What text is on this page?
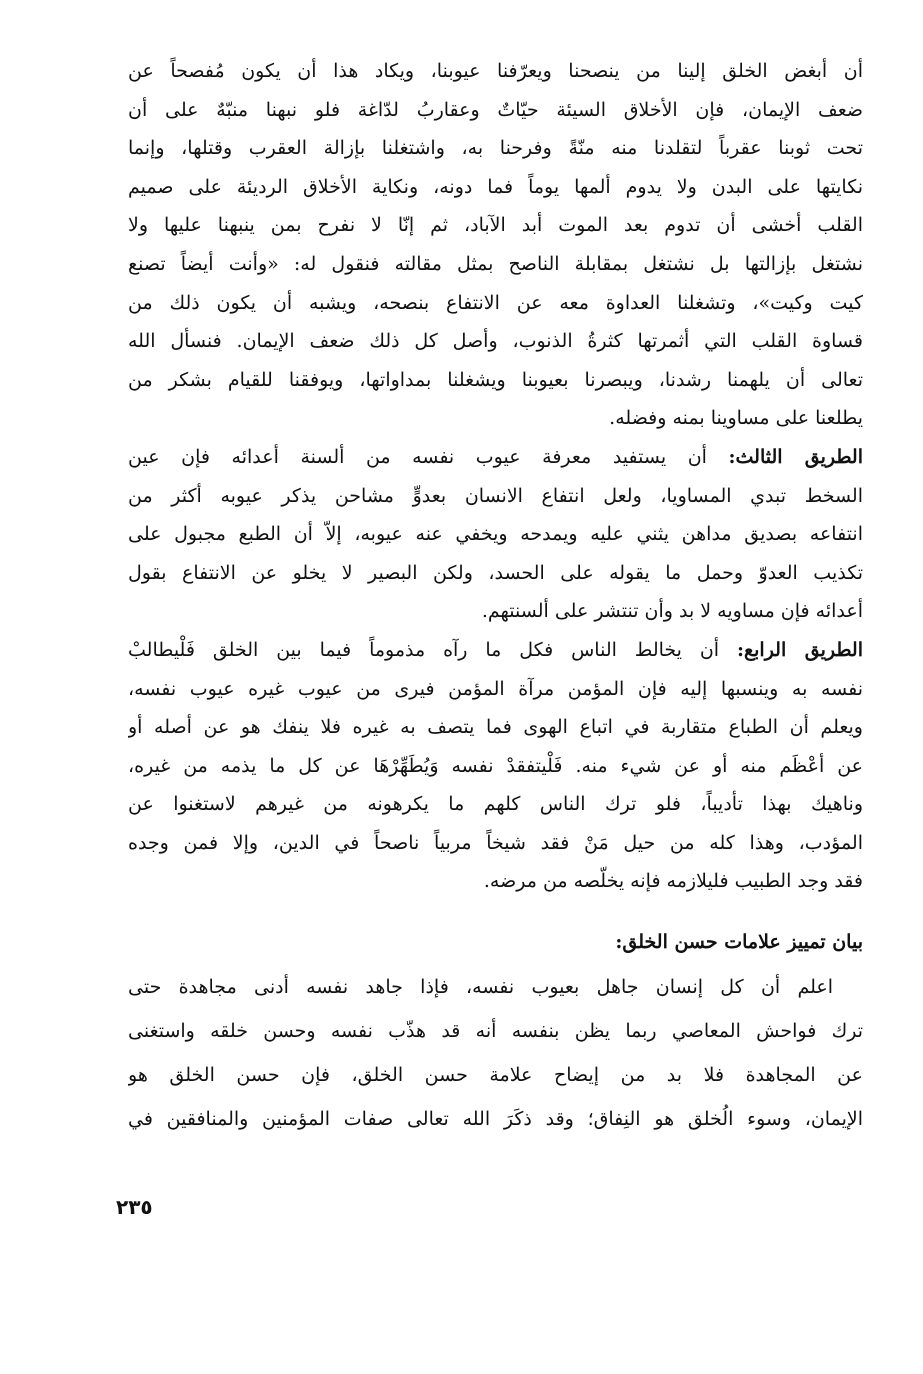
أن أبغض الخلق إلينا من ينصحنا ويعرّفنا عيوبنا، ويكاد هذا أن يكون مُفصحاً عن
ضعف الإيمان، فإن الأخلاق السيئة حيّاتٌ وعقاربُ لدّاغة فلو نبهنا منبّهٌ على أن
تحت ثوبنا عقرباً لتقلدنا منه منّةً وفرحنا به، واشتغلنا بإزالة العقرب وقتلها، وإنما
نكايتها على البدن ولا يدوم ألمها يوماً فما دونه، ونكاية الأخلاق الرديئة على صميم
القلب أخشى أن تدوم بعد الموت أبد الآباد، ثم إنّا لا نفرح بمن ينبهنا عليها ولا
نشتغل بإزالتها بل نشتغل بمقابلة الناصح بمثل مقالته فنقول له: «وأنت أيضاً تصنع
كيت وكيت»، وتشغلنا العداوة معه عن الانتفاع بنصحه، ويشبه أن يكون ذلك من
قساوة القلب التي أثمرتها كثرةُ الذنوب، وأصل كل ذلك ضعف الإيمان. فنسأل الله
تعالى أن يلهمنا رشدنا، ويبصرنا بعيوبنا ويشغلنا بمداواتها، ويوفقنا للقيام بشكر من
يطلعنا على مساوينا بمنه وفضله.

الطريق الثالث: أن يستفيد معرفة عيوب نفسه من ألسنة أعدائه فإن عين
السخط تبدي المساويا، ولعل انتفاع الانسان بعدوٍّ مشاحن يذكر عيوبه أكثر من
انتفاعه بصديق مداهن يثني عليه ويمدحه ويخفي عنه عيوبه، إلاّ أن الطبع مجبول على
تكذيب العدوّ وحمل ما يقوله على الحسد، ولكن البصير لا يخلو عن الانتفاع بقول
أعدائه فإن مساويه لا بد وأن تنتشر على ألسنتهم.

الطريق الرابع: أن يخالط الناس فكل ما رآه مذموماً فيما بين الخلق فَلْيطالبْ
نفسه به وينسبها إليه فإن المؤمن مرآة المؤمن فيرى من عيوب غيره عيوب نفسه،
ويعلم أن الطباع متقاربة في اتباع الهوى فما يتصف به غيره فلا ينفك هو عن أصله أو
عن أعْظَم منه أو عن شيء منه. فَلْيتفقدْ نفسه وَيُطَهِّرْهَا عن كل ما يذمه من غيره،
وناهيك بهذا تأديباً، فلو ترك الناس كلهم ما يكرهونه من غيرهم لاستغنوا عن
المؤدب، وهذا كله من حيل مَنْ فقد شيخاً مربياً ناصحاً في الدين، وإلا فمن وجده
فقد وجد الطبيب فليلازمه فإنه يخلّصه من مرضه.

بيان تمييز علامات حسن الخلق:

اعلم أن كل إنسان جاهل بعيوب نفسه، فإذا جاهد نفسه أدنى مجاهدة حتى
ترك فواحش المعاصي ربما يظن بنفسه أنه قد هذّب نفسه وحسن خلقه واستغنى
عن المجاهدة فلا بد من إيضاح علامة حسن الخلق، فإن حسن الخلق هو
الإيمان، وسوء الُخلق هو النِفاق؛ وقد ذكَرَ الله تعالى صفات المؤمنين والمنافقين في

٢٣٥
